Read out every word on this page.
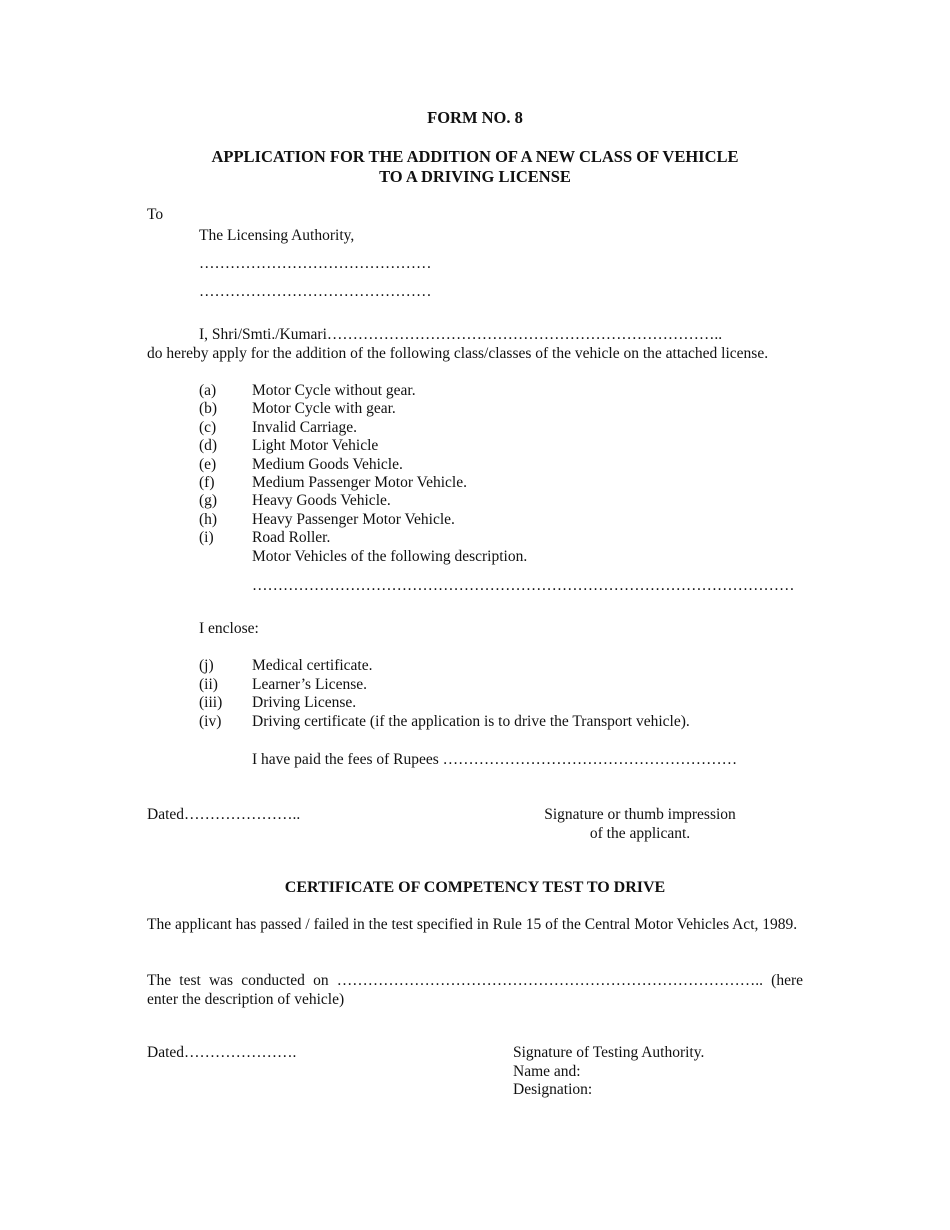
FORM NO. 8
APPLICATION FOR THE ADDITION OF A NEW CLASS OF VEHICLE
TO A DRIVING LICENSE
To
The Licensing Authority,
………………………………………
………………………………………
I, Shri/Smti./Kumari…………………………………………………………………..
do hereby apply for the addition of the following class/classes of the vehicle on the attached license.
(a) Motor Cycle without gear.
(b) Motor Cycle with gear.
(c) Invalid Carriage.
(d) Light Motor Vehicle
(e) Medium Goods Vehicle.
(f) Medium Passenger Motor Vehicle.
(g) Heavy Goods Vehicle.
(h) Heavy Passenger Motor Vehicle.
(i) Road Roller.
Motor Vehicles of the following description.
……………………………………………………………………………………………
I enclose:
(j) Medical certificate.
(ii) Learner’s License.
(iii) Driving License.
(iv) Driving certificate (if the application is to drive the Transport vehicle).
I have paid the fees of Rupees …………………………………………………
Dated…………………..	Signature or thumb impression
of the applicant.
CERTIFICATE OF COMPETENCY TEST TO DRIVE
The applicant has passed / failed in the test specified in Rule 15 of the Central Motor Vehicles Act, 1989.
The test was conducted on ……………………………………………………………………….. (here enter the description of vehicle)
Dated………………….	Signature of Testing Authority.
Name and:
Designation:
